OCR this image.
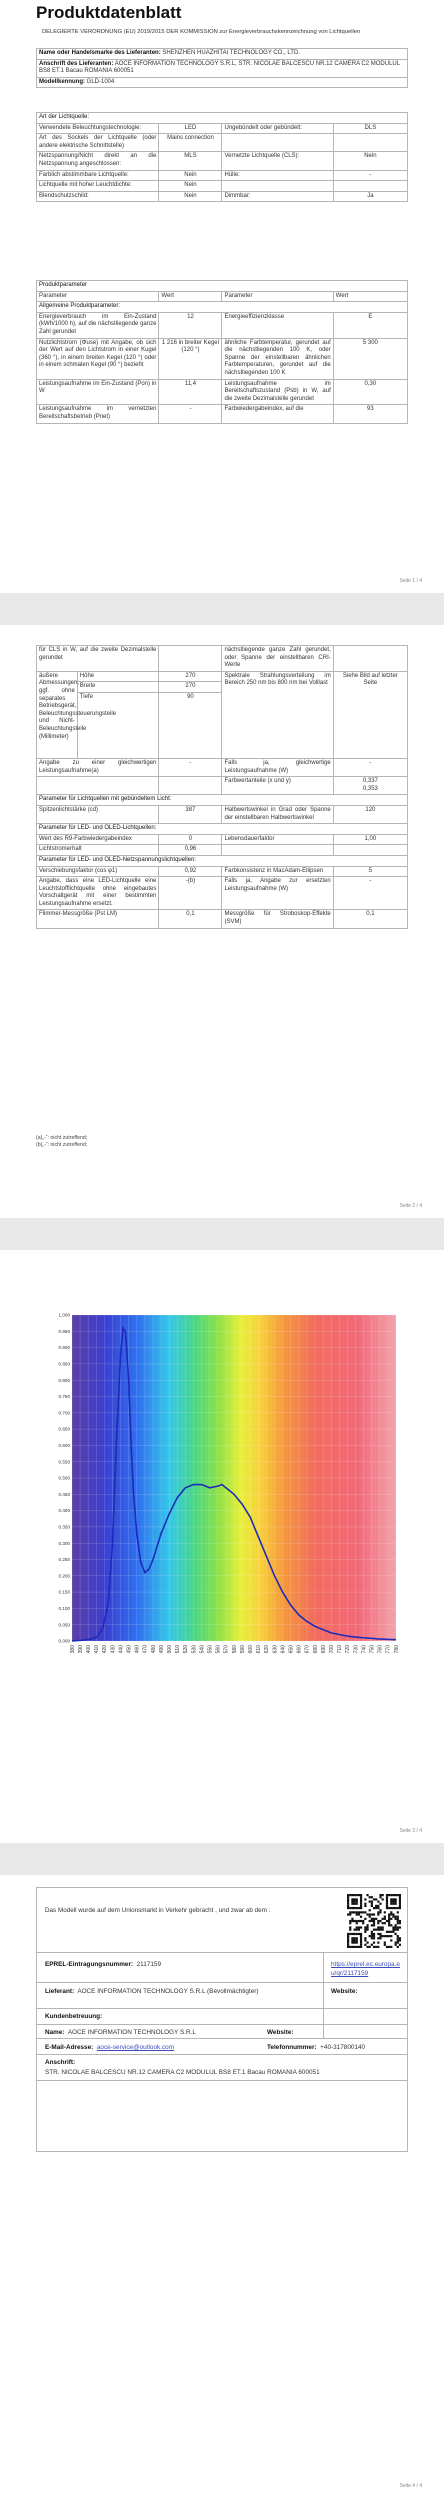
Produktdatenblatt
DELEGIERTE VERORDNUNG (EU) 2019/2015 DER KOMMISSION zur Energieverbrauchskennzeichnung von Lichtquellen
Name oder Handelsmarke des Lieferanten: SHENZHEN HUAZHITAI TECHNOLOGY CO., LTD.
Anschrift des Lieferanten: AOCE INFORMATION TECHNOLOGY S.R.L, STR. NICOLAE BALCESCU NR.12 CAMERA C2 MODULUL BS8 ET.1 Bacau ROMANIA 600051
Modellkennung: GLD-1004
Art der Lichtquelle:			
Verwendete Beleuchtungstechnologie:	LED	Ungebündelt oder gebündelt:	DLS
Art des Sockels der Lichtquelle (oder andere elektrische Schnittstelle)	Mains connection		
Netzspannung/Nicht direkt an die Netzspannung angeschlossen:	MLS	Vernetzte Lichtquelle (CLS):	Nein
Farblich abstimmbare Lichtquelle:	Nein	Hülle:	-
Lichtquelle mit hoher Leuchtdichte:	Nein		
Blendschutzschild:	Nein	Dimmbar:	Ja
Produktparameter			
Parameter	Wert	Parameter	Wert
Allgemeine Produktparameter:			
Energieverbrauch im Ein-Zustand (kWh/1000 h), auf die nächstliegende ganze Zahl gerundet	12	Energieeffizienzklasse	E
Nutzlichtstrom (Φuse) mit Angabe, ob sich der Wert auf den Lichtstrom in einer Kugel (360 °), in einem breiten Kegel (120 °) oder in einem schmalen Kegel (90 °) bezieht	1 216 in breiter Kegel (120 °)	ähnliche Farbtemperatur, gerundet auf die nächstliegenden 100 K, oder Spanne der einstellbaren ähnlichen Farbtemperaturen, gerundet auf die nächstliegenden 100 K	5 300
Leistungsaufnahme im Ein-Zustand (Pon) in W	11,4	Leistungsaufnahme im Bereitschaftszustand (Psb) in W, auf die zweite Dezimalstelle gerundet	0,30
Leistungsaufnahme im vernetzten Bereitschaftsbetrieb (Pnet)	-	Farbwiedergabeindex, auf die	93
Seite 1 / 4
für CLS in W, auf die zweite Dezimalstelle gerundet			nächstliegende ganze Zahl gerundet, oder Spanne der einstellbaren CRI-Werte	
äußere Abmessungen, ggf. ohne separates Betriebsgerät, Beleuchtungssteuerungsteile und Nicht-Beleuchtungsteile (Millimeter)	Höhe	270	Spektrale Strahlungsverteilung im Bereich 250 nm bis 800 nm bei Volllast	Siehe Bild auf letzter Seite
	Breite	270		
	Tiefe	90		
Angabe zu einer gleichwertigen Leistungsaufnahme(a)		-	Falls ja, gleichwertige Leistungsaufnahme (W)	-
			Farbwertanteile (x und y)	0,337
0,353
Parameter für Lichtquellen mit gebündeltem Licht:				
Spitzenlichtstärke (cd)		387	Halbwertswinkel in Grad oder Spanne der einstellbaren Halbwertswinkel	120
Parameter für LED- und OLED-Lichtquellen:				
Wert des R9-Farbwiedergabeindex		0	Lebensdauerfaktor	1,00
Lichtstromerhalt		0,96		
Parameter für LED- und OLED-Netzspannungslichtquellen:				
Verschiebungsfaktor (cos φ1)		0,92	Farbkonsistenz in MacAdam-Ellipsen	5
Angabe, dass eine LED-Lichtquelle eine Leuchtstofflichtquelle ohne eingebautes Vorschaltgerät mit einer bestimmten Leistungsaufnahme ersetzt.		-(b)	Falls ja, Angabe zur ersetzten Leistungsaufnahme (W)	-
Flimmer-Messgröße (Pst LM)		0,1	Messgröße für Stroboskop-Effekte (SVM)	0,1
(a)„-“: nicht zutreffend;
(b)„-“: nicht zutreffend;
Seite 2 / 4
0.000
0.050
0.100
0.150
0.200
0.250
0.300
0.350
0.400
0.450
0.500
0.550
0.600
0.650
0.700
0.750
0.800
0.850
0.900
0.950
1.000
380 390 400 410 420 430 440 450 460 470 480 490 500 510 520 530 540 550 560 570 580 590 600 610 620 630 640 650 660 670 680 690 700 710 720 730 740 750 760 770 780
Seite 3 / 4
Das Modell wurde auf dem Unionsmarkt in Verkehr gebracht , und zwar ab dem :
EPREL-Eintragungsnummer: 2117159	https://eprel.ec.europa.eu/qr/2117159
Lieferant: AOCE INFORMATION TECHNOLOGY S.R.L (Bevollmächtigter)	Website:
Kundenbetreuung:
Name: AOCE INFORMATION TECHNOLOGY S.R.L	Website:
E-Mail-Adresse: aoce-service@outlook.com	Telefonnummer: +40-317800140
Anschrift:
STR. NICOLAE BALCESCU NR.12 CAMERA C2 MODULUL BS8 ET.1 Bacau ROMANIA 600051
Seite 4 / 4
